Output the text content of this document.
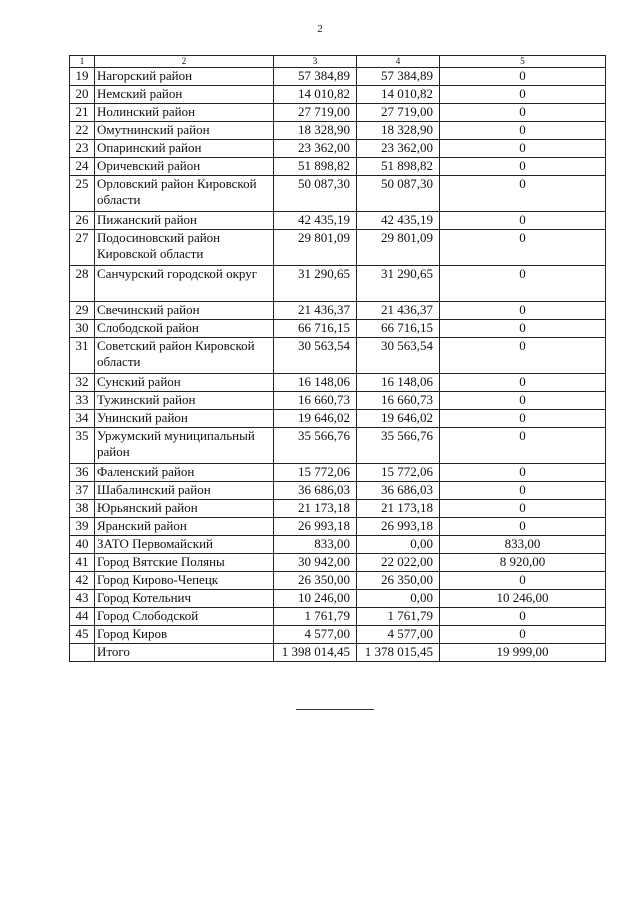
2
1	2	3	4	5
19	Нагорский район	57 384,89	57 384,89	0
20	Немский район	14 010,82	14 010,82	0
21	Нолинский район	27 719,00	27 719,00	0
22	Омутнинский район	18 328,90	18 328,90	0
23	Опаринский район	23 362,00	23 362,00	0
24	Оричевский район	51 898,82	51 898,82	0
25	Орловский район Кировской области	50 087,30	50 087,30	0
26	Пижанский район	42 435,19	42 435,19	0
27	Подосиновский район Кировской области	29 801,09	29 801,09	0
28	Санчурский городской округ	31 290,65	31 290,65	0
29	Свечинский район	21 436,37	21 436,37	0
30	Слободской район	66 716,15	66 716,15	0
31	Советский район Кировской области	30 563,54	30 563,54	0
32	Сунский район	16 148,06	16 148,06	0
33	Тужинский район	16 660,73	16 660,73	0
34	Унинский район	19 646,02	19 646,02	0
35	Уржумский муниципальный район	35 566,76	35 566,76	0
36	Фаленский район	15 772,06	15 772,06	0
37	Шабалинский район	36 686,03	36 686,03	0
38	Юрьянский район	21 173,18	21 173,18	0
39	Яранский район	26 993,18	26 993,18	0
40	ЗАТО Первомайский	833,00	0,00	833,00
41	Город Вятские Поляны	30 942,00	22 022,00	8 920,00
42	Город Кирово-Чепецк	26 350,00	26 350,00	0
43	Город Котельнич	10 246,00	0,00	10 246,00
44	Город Слободской	1 761,79	1 761,79	0
45	Город Киров	4 577,00	4 577,00	0
	Итого	1 398 014,45	1 378 015,45	19 999,00
